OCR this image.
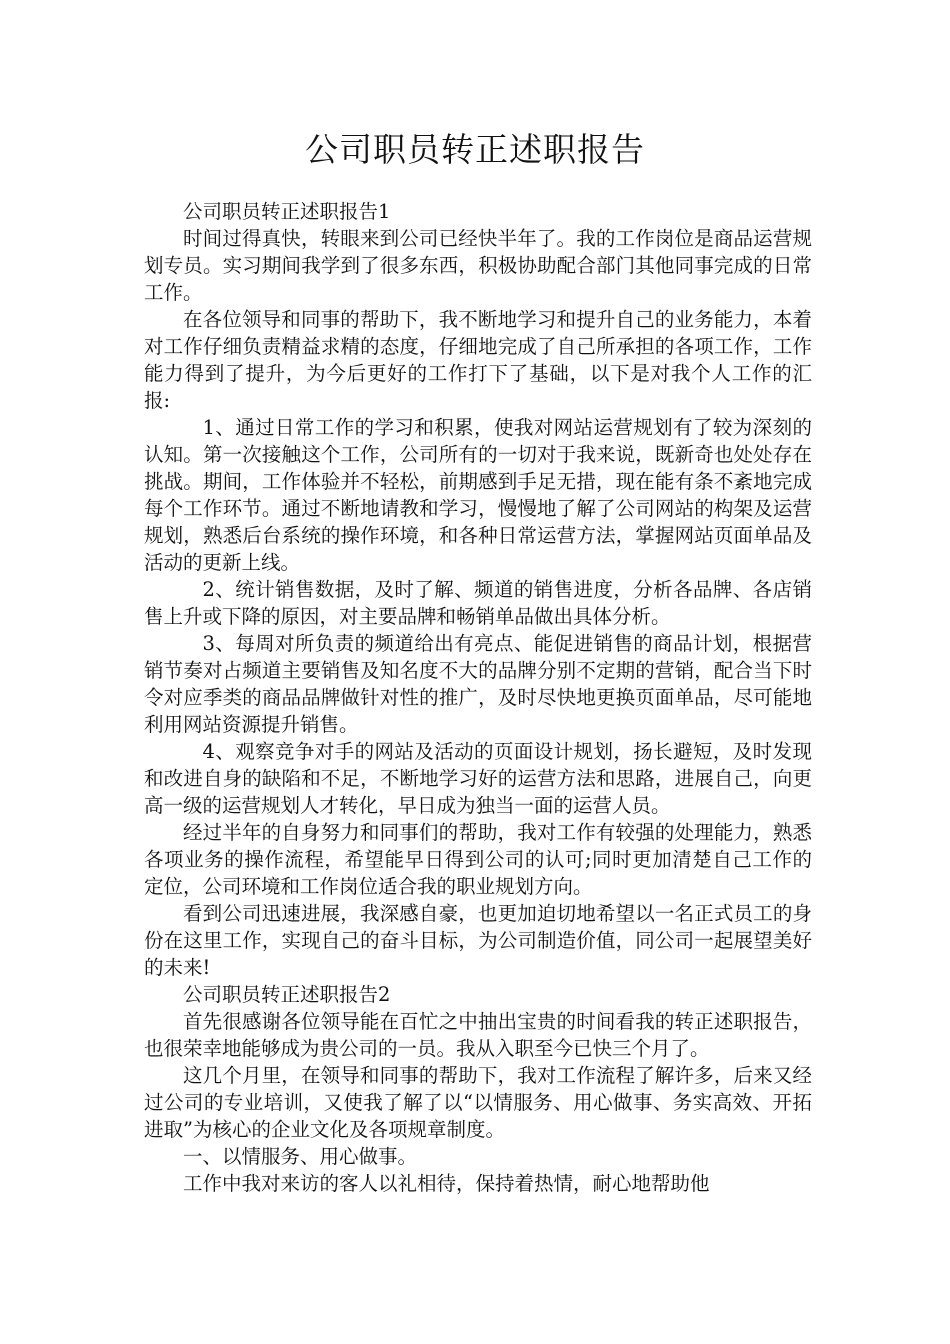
公司职员转正述职报告

公司职员转正述职报告1

时间过得真快，转眼来到公司已经快半年了。我的工作岗位是商品运营规划专员。实习期间我学到了很多东西，积极协助配合部门其他同事完成的日常工作。

在各位领导和同事的帮助下，我不断地学习和提升自己的业务能力，本着对工作仔细负责精益求精的态度，仔细地完成了自己所承担的各项工作，工作能力得到了提升，为今后更好的工作打下了基础，以下是对我个人工作的汇报:

1、通过日常工作的学习和积累，使我对网站运营规划有了较为深刻的认知。第一次接触这个工作，公司所有的一切对于我来说，既新奇也处处存在挑战。期间，工作体验并不轻松，前期感到手足无措，现在能有条不紊地完成每个工作环节。通过不断地请教和学习，慢慢地了解了公司网站的构架及运营规划，熟悉后台系统的操作环境，和各种日常运营方法，掌握网站页面单品及活动的更新上线。

2、统计销售数据，及时了解、频道的销售进度，分析各品牌、各店销售上升或下降的原因，对主要品牌和畅销单品做出具体分析。

3、每周对所负责的频道给出有亮点、能促进销售的商品计划，根据营销节奏对占频道主要销售及知名度不大的品牌分别不定期的营销，配合当下时令对应季类的商品品牌做针对性的推广，及时尽快地更换页面单品，尽可能地利用网站资源提升销售。

4、观察竞争对手的网站及活动的页面设计规划，扬长避短，及时发现和改进自身的缺陷和不足，不断地学习好的运营方法和思路，进展自己，向更高一级的运营规划人才转化，早日成为独当一面的运营人员。

经过半年的自身努力和同事们的帮助，我对工作有较强的处理能力，熟悉各项业务的操作流程，希望能早日得到公司的认可;同时更加清楚自己工作的定位，公司环境和工作岗位适合我的职业规划方向。

看到公司迅速进展，我深感自豪，也更加迫切地希望以一名正式员工的身份在这里工作，实现自己的奋斗目标，为公司制造价值，同公司一起展望美好的未来!

公司职员转正述职报告2

首先很感谢各位领导能在百忙之中抽出宝贵的时间看我的转正述职报告，也很荣幸地能够成为贵公司的一员。我从入职至今已快三个月了。

这几个月里，在领导和同事的帮助下，我对工作流程了解许多，后来又经过公司的专业培训，又使我了解了以“以情服务、用心做事、务实高效、开拓进取”为核心的企业文化及各项规章制度。

一、以情服务、用心做事。

工作中我对来访的客人以礼相待，保持着热情，耐心地帮助他
